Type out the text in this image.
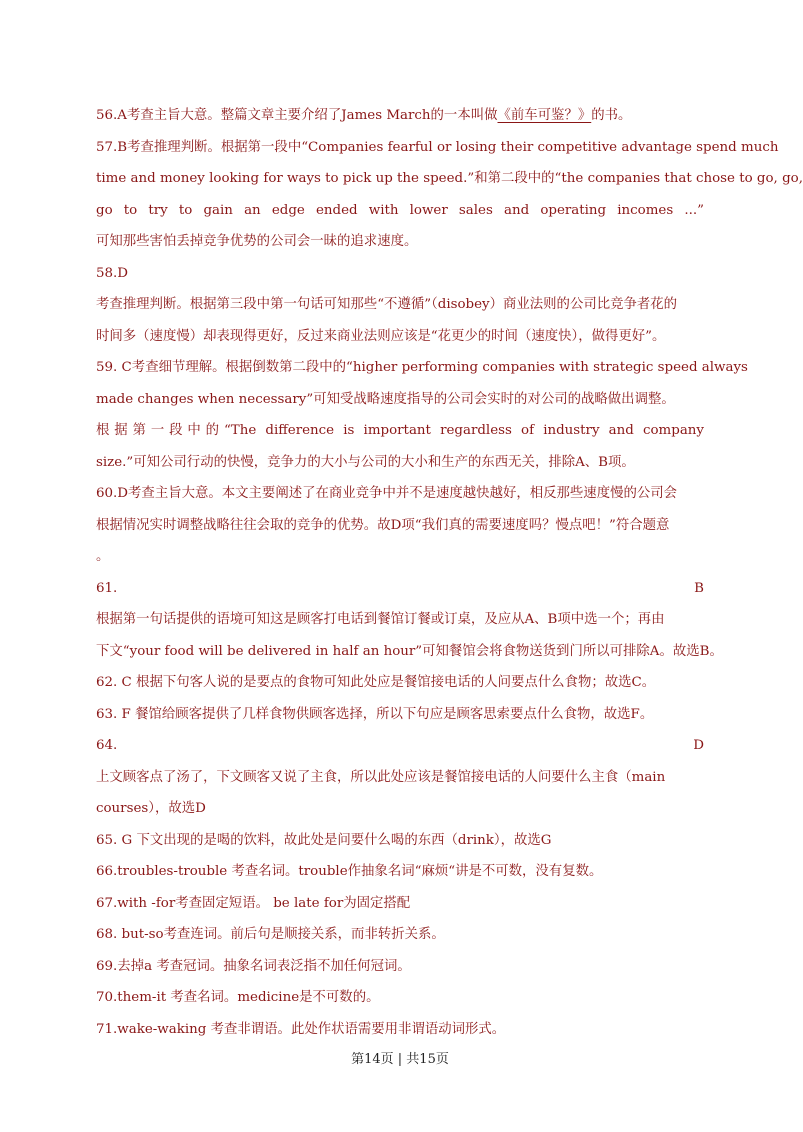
56.A考查主旨大意。整篇文章主要介绍了James March的一本叫做《前车可鉴？》的书。
57.B考查推理判断。根据第一段中“Companies fearful or losing their competitive advantage spend much
time and money looking for ways to pick up the speed.”和第二段中的“the companies that chose to go, go,
go to try to gain an edge ended with lower sales and operating incomes ...”
可知那些害怕丢掉竞争优势的公司会一昧的追求速度。
58.D
考查推理判断。根据第三段中第一句话可知那些“不遵循”（disobey）商业法则的公司比竞争者花的
时间多（速度慢）却表现得更好，反过来商业法则应该是“花更少的时间（速度快），做得更好”。
59. C考查细节理解。根据倒数第二段中的“higher performing companies with strategic speed always
made changes when necessary”可知受战略速度指导的公司会实时的对公司的战略做出调整。
根据第一段中的“The difference is important regardless of industry and company
size.”可知公司行动的快慢，竞争力的大小与公司的大小和生产的东西无关，排除A、B项。
60.D考查主旨大意。本文主要阐述了在商业竞争中并不是速度越快越好，相反那些速度慢的公司会
根据情况实时调整战略往往会取的竞争的优势。故D项“我们真的需要速度吗？慢点吧！”符合题意
。
61.	B
根据第一句话提供的语境可知这是顾客打电话到餐馆订餐或订桌，及应从A、B项中选一个；再由
下文“your food will be delivered in half an hour”可知餐馆会将食物送货到门所以可排除A。故选B。
62. C 根据下句客人说的是要点的食物可知此处应是餐馆接电话的人问要点什么食物；故选C。
63. F 餐馆给顾客提供了几样食物供顾客选择，所以下句应是顾客思索要点什么食物，故选F。
64.	D
上文顾客点了汤了，下文顾客又说了主食，所以此处应该是餐馆接电话的人问要什么主食（main
courses），故选D
65. G 下文出现的是喝的饮料，故此处是问要什么喝的东西（drink），故选G
66.troubles-trouble 考查名词。trouble作抽象名词“麻烦“讲是不可数，没有复数。
67.with -for考查固定短语。 be late for为固定搭配
68. but-so考查连词。前后句是顺接关系，而非转折关系。
69.去掉a 考查冠词。抽象名词表泛指不加任何冠词。
70.them-it 考查名词。medicine是不可数的。
71.wake-waking 考查非谓语。此处作状语需要用非谓语动词形式。
第14页 | 共15页
